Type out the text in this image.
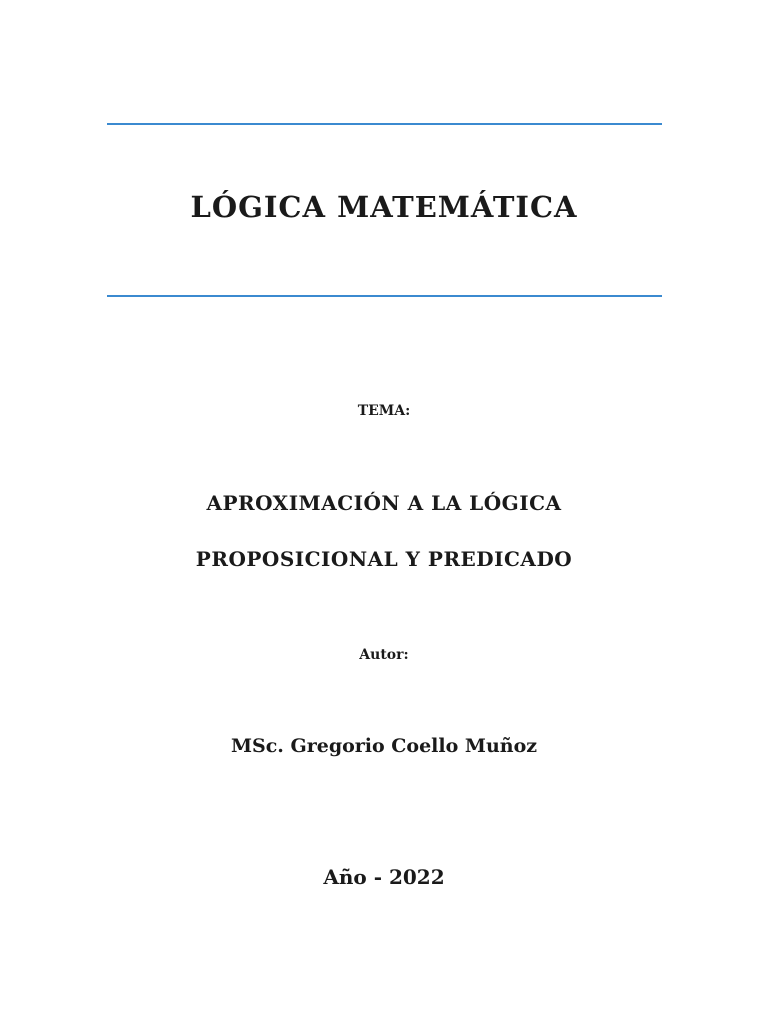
LÓGICA MATEMÁTICA
TEMA:
APROXIMACIÓN A LA LÓGICA
PROPOSICIONAL Y PREDICADO
Autor:
MSc. Gregorio Coello Muñoz
Año - 2022
